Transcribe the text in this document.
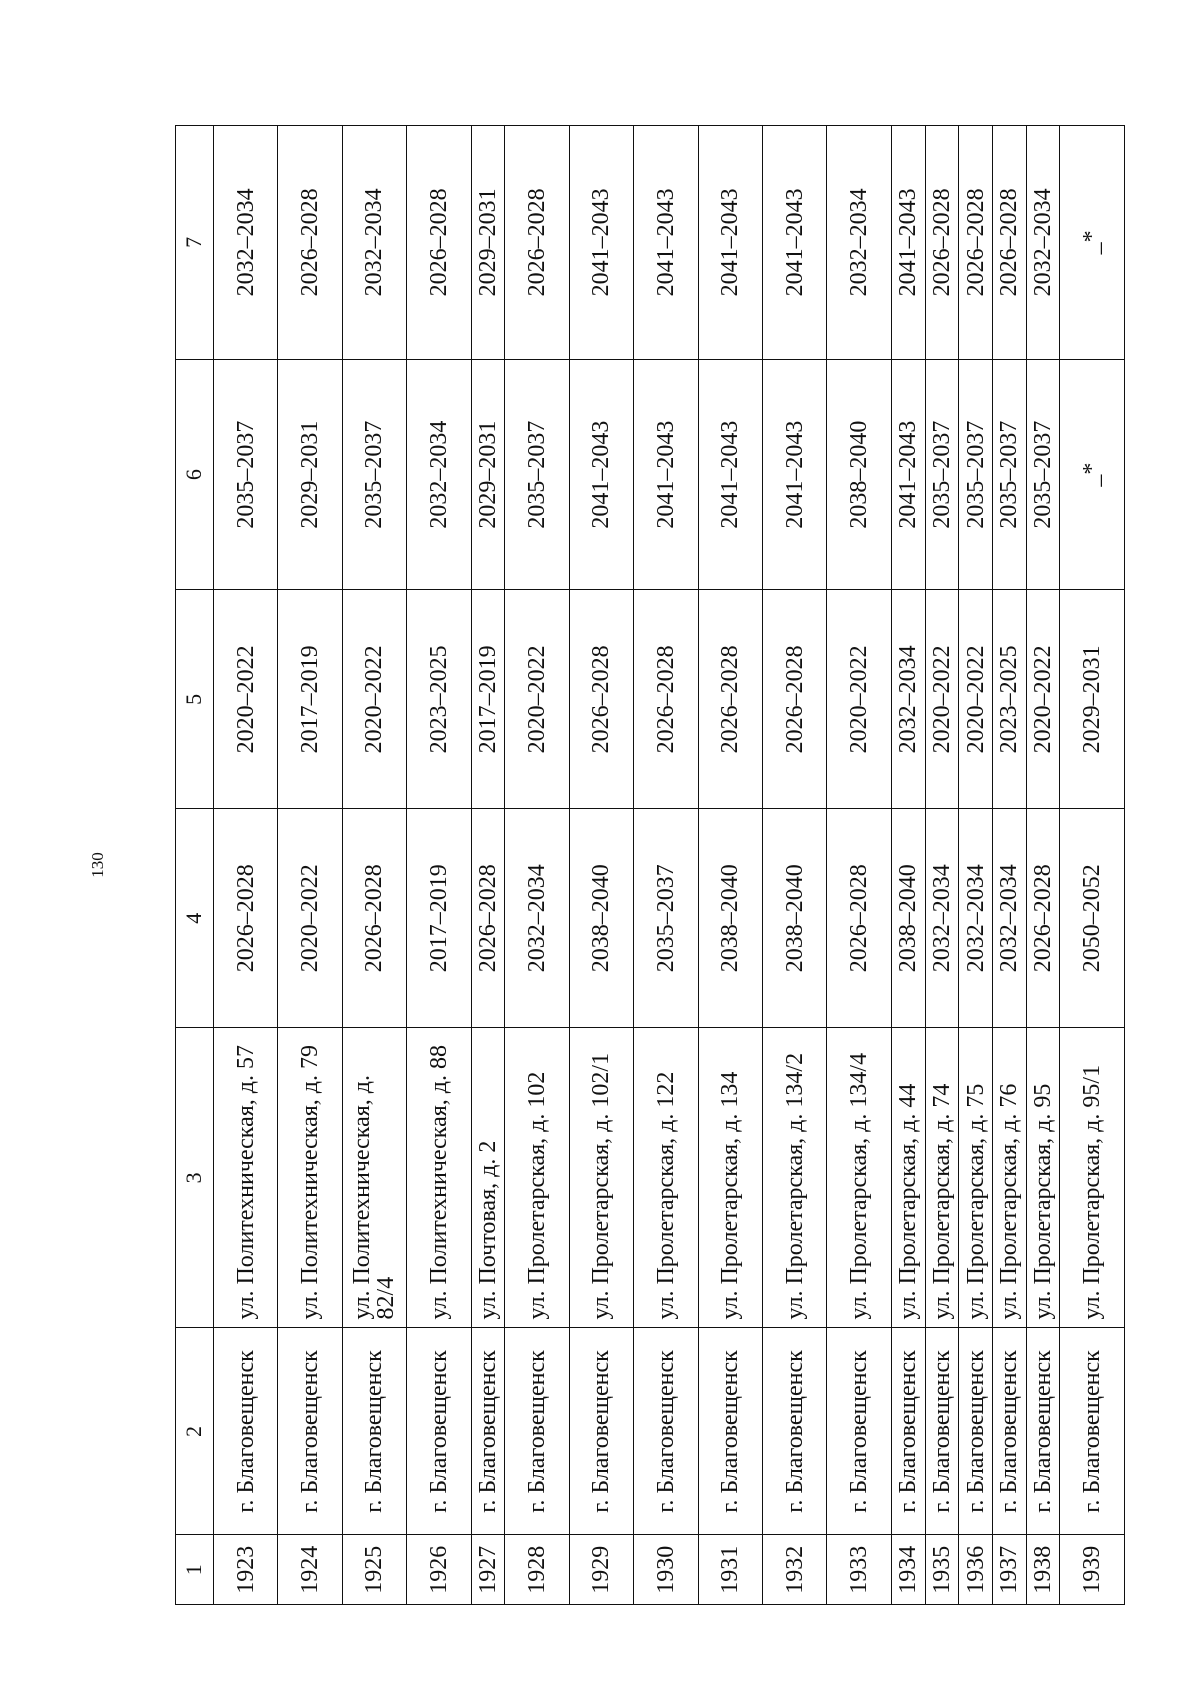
130
1	2	3	4	5	6	7
1923	г. Благовещенск	ул. Политехническая, д. 57	2026–2028	2020–2022	2035–2037	2032–2034
1924	г. Благовещенск	ул. Политехническая, д. 79	2020–2022	2017–2019	2029–2031	2026–2028
1925	г. Благовещенск	ул. Политехническая, д. 82/4	2026–2028	2020–2022	2035–2037	2032–2034
1926	г. Благовещенск	ул. Политехническая, д. 88	2017–2019	2023–2025	2032–2034	2026–2028
1927	г. Благовещенск	ул. Почтовая, д. 2	2026–2028	2017–2019	2029–2031	2029–2031
1928	г. Благовещенск	ул. Пролетарская, д. 102	2032–2034	2020–2022	2035–2037	2026–2028
1929	г. Благовещенск	ул. Пролетарская, д. 102/1	2038–2040	2026–2028	2041–2043	2041–2043
1930	г. Благовещенск	ул. Пролетарская, д. 122	2035–2037	2026–2028	2041–2043	2041–2043
1931	г. Благовещенск	ул. Пролетарская, д. 134	2038–2040	2026–2028	2041–2043	2041–2043
1932	г. Благовещенск	ул. Пролетарская, д. 134/2	2038–2040	2026–2028	2041–2043	2041–2043
1933	г. Благовещенск	ул. Пролетарская, д. 134/4	2026–2028	2020–2022	2038–2040	2032–2034
1934	г. Благовещенск	ул. Пролетарская, д. 44	2038–2040	2032–2034	2041–2043	2041–2043
1935	г. Благовещенск	ул. Пролетарская, д. 74	2032–2034	2020–2022	2035–2037	2026–2028
1936	г. Благовещенск	ул. Пролетарская, д. 75	2032–2034	2020–2022	2035–2037	2026–2028
1937	г. Благовещенск	ул. Пролетарская, д. 76	2032–2034	2023–2025	2035–2037	2026–2028
1938	г. Благовещенск	ул. Пролетарская, д. 95	2026–2028	2020–2022	2035–2037	2032–2034
1939	г. Благовещенск	ул. Пролетарская, д. 95/1	2050–2052	2029–2031	_*	_*
